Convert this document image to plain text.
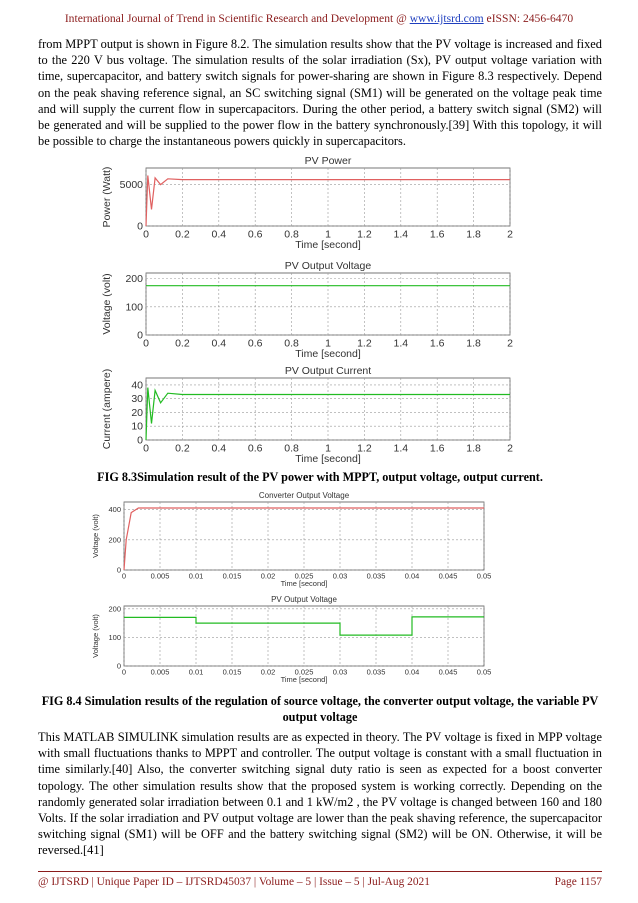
International Journal of Trend in Scientific Research and Development @ www.ijtsrd.com eISSN: 2456-6470

from MPPT output is shown in Figure 8.2. The simulation results show that the PV voltage is increased and fixed to the 220 V bus voltage. The simulation results of the solar irradiation (Sx), PV output voltage variation with time, supercapacitor, and battery switch signals for power-sharing are shown in Figure 8.3 respectively. Depend on the peak shaving reference signal, an SC switching signal (SM1) will be generated on the voltage peak time and will supply the current flow in supercapacitors. During the other period, a battery switch signal (SM2) will be generated and will be supplied to the power flow in the battery synchronously.[39] With this topology, it will be possible to charge the instantaneous powers quickly in supercapacitors.

PV Power
0 0.2 0.4 0.6 0.8 1 1.2 1.4 1.6 1.8 2
0
5000
Time [second]
Power (Watt)
PV Output Voltage
0 0.2 0.4 0.6 0.8 1 1.2 1.4 1.6 1.8 2
0
100
200
Time [second]
Voltage (volt)
PV Output Current
0 0.2 0.4 0.6 0.8 1 1.2 1.4 1.6 1.8 2
0
10
20
30
40
Time [second]
Current (ampere)

FIG 8.3Simulation result of the PV power with MPPT, output voltage, output current.

Converter Output Voltage
0	0.005	0.01	0.015	0.02	0.025	0.03	0.035	0.04	0.045	0.05
0
200
400
Time [second]
Voltage (volt)
PV Output Voltage
0	0.005	0.01	0.015	0.02	0.025	0.03	0.035	0.04	0.045	0.05
0
100
200
Time [second]
Voltage (volt)

FIG 8.4 Simulation results of the regulation of source voltage, the converter output voltage, the variable PV output voltage

This MATLAB SIMULINK simulation results are as expected in theory. The PV voltage is fixed in MPP voltage with small fluctuations thanks to MPPT and controller. The output voltage is constant with a small fluctuation in time similarly.[40] Also, the converter switching signal duty ratio is seen as expected for a boost converter topology. The other simulation results show that the proposed system is working correctly. Depending on the randomly generated solar irradiation between 0.1 and 1 kW/m2 , the PV voltage is changed between 160 and 180 Volts. If the solar irradiation and PV output voltage are lower than the peak shaving reference, the supercapacitor switching signal (SM1) will be OFF and the battery switching signal (SM2) will be ON. Otherwise, it will be reversed.[41]

@ IJTSRD | Unique Paper ID – IJTSRD45037 | Volume – 5 | Issue – 5 | Jul-Aug 2021	Page 1157
